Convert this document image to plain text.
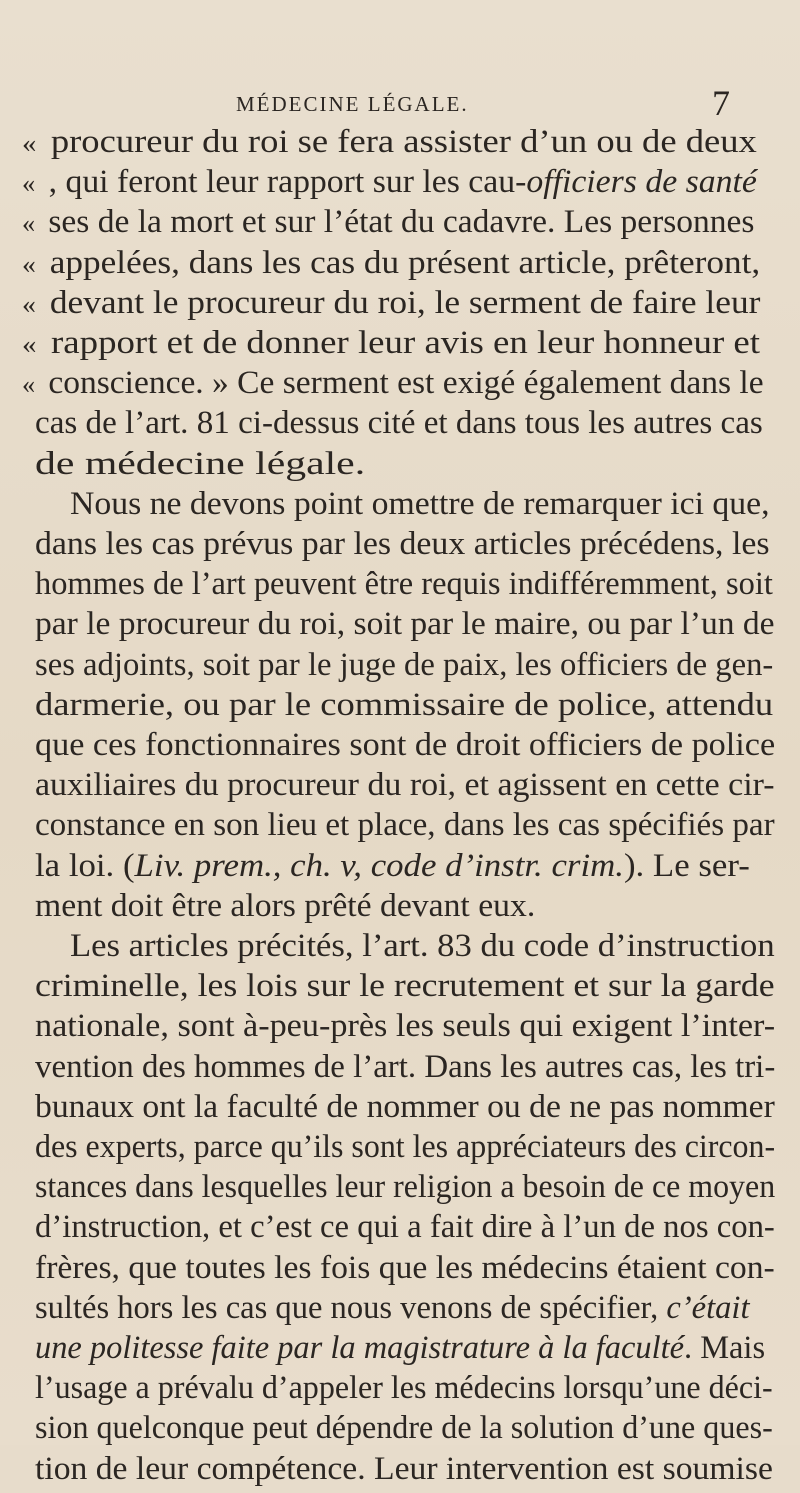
MÉDECINE LÉGALE.	7
« procureur du roi se fera assister d’un ou de deux
« , qui feront leur rapport sur les cau-officiers de santé
« ses de la mort et sur l’état du cadavre. Les personnes
« appelées, dans les cas du présent article, prêteront,
« devant le procureur du roi, le serment de faire leur
« rapport et de donner leur avis en leur honneur et
« conscience. » Ce serment est exigé également dans le
cas de l’art. 81 ci-dessus cité et dans tous les autres cas
de médecine légale.
Nous ne devons point omettre de remarquer ici que,
dans les cas prévus par les deux articles précédens, les
hommes de l’art peuvent être requis indifféremment, soit
par le procureur du roi, soit par le maire, ou par l’un de
ses adjoints, soit par le juge de paix, les officiers de gen-
darmerie, ou par le commissaire de police, attendu
que ces fonctionnaires sont de droit officiers de police
auxiliaires du procureur du roi, et agissent en cette cir-
constance en son lieu et place, dans les cas spécifiés par
la loi. (Liv. prem., ch. v, code d’instr. crim.). Le ser-
ment doit être alors prêté devant eux.
Les articles précités, l’art. 83 du code d’instruction
criminelle, les lois sur le recrutement et sur la garde
nationale, sont à-peu-près les seuls qui exigent l’inter-
vention des hommes de l’art. Dans les autres cas, les tri-
bunaux ont la faculté de nommer ou de ne pas nommer
des experts, parce qu’ils sont les appréciateurs des circon-
stances dans lesquelles leur religion a besoin de ce moyen
d’instruction, et c’est ce qui a fait dire à l’un de nos con-
frères, que toutes les fois que les médecins étaient con-
sultés hors les cas que nous venons de spécifier, c’était
une politesse faite par la magistrature à la faculté. Mais
l’usage a prévalu d’appeler les médecins lorsqu’une déci-
sion quelconque peut dépendre de la solution d’une ques-
tion de leur compétence. Leur intervention est soumise
